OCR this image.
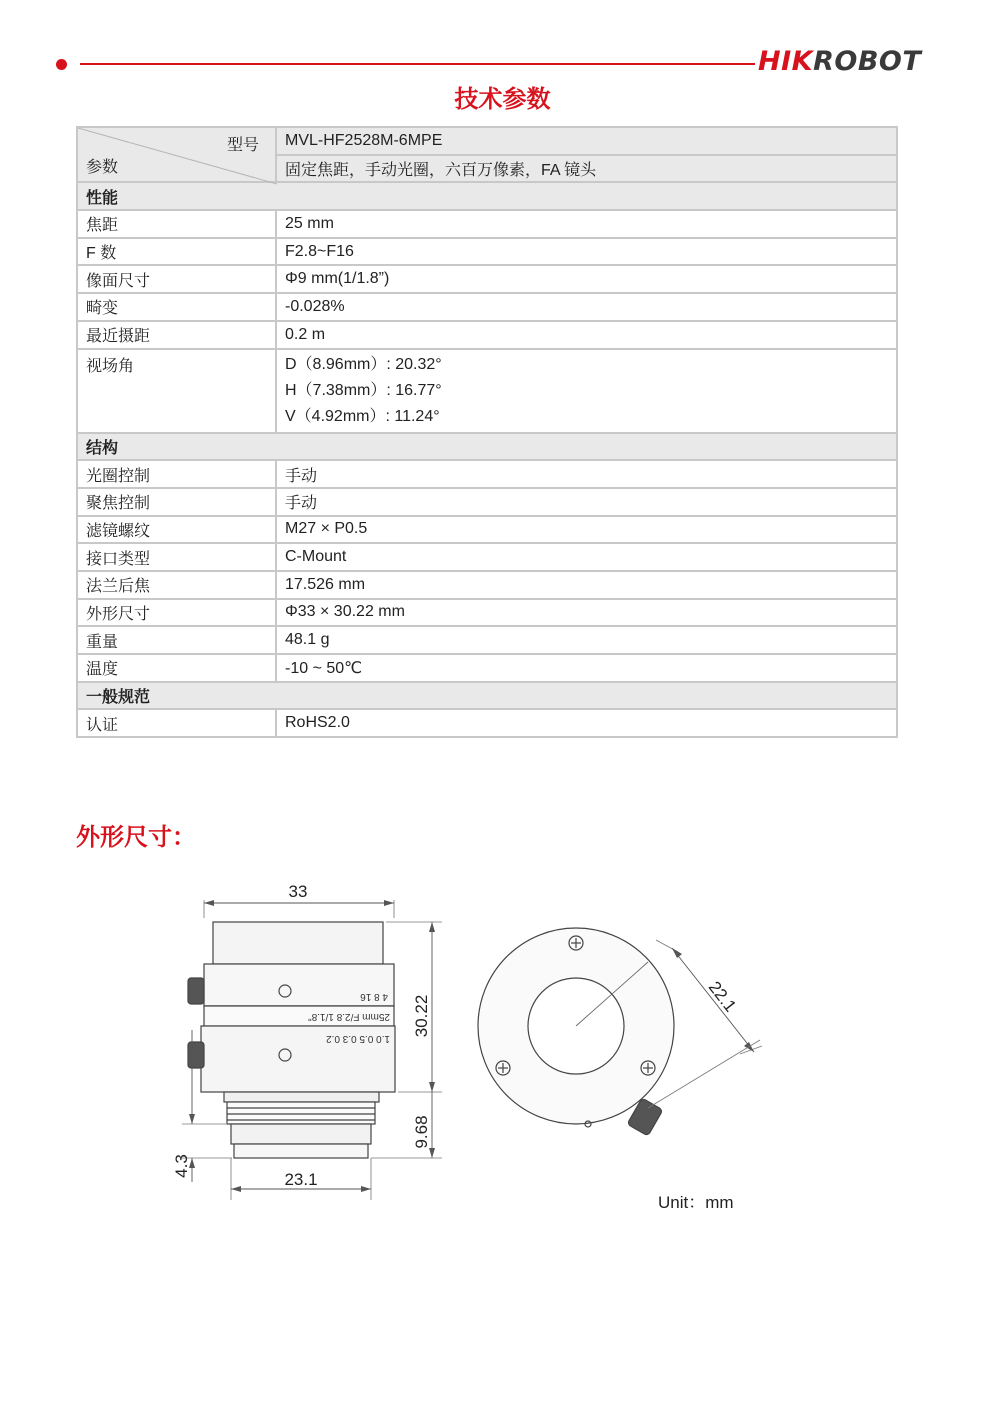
HIKROBOT
技术参数
型号
参数	MVL-HF2528M-6MPE
	固定焦距，手动光圈，六百万像素，FA 镜头
性能	
焦距	25 mm
F 数	F2.8~F16
像面尺寸	Φ9 mm(1/1.8”)
畸变	-0.028%
最近摄距	0.2 m
视场角	D（8.96mm）: 20.32°
H（7.38mm）: 16.77°
V（4.92mm）: 11.24°

结构	
光圈控制	手动
聚焦控制	手动
滤镜螺纹	M27 × P0.5
接口类型	C-Mount
法兰后焦	17.526 mm
外形尺寸	Φ33 × 30.22 mm
重量	48.1 g
温度	-10 ~ 50℃
一般规范	
认证	RoHS2.0
外形尺寸：
4 8 16
25mm F/2.8 1/1.8"
1.0 0.5 0.3 0.2
33
30.22
9.68
4.3
23.1
22.1
Unit：mm
